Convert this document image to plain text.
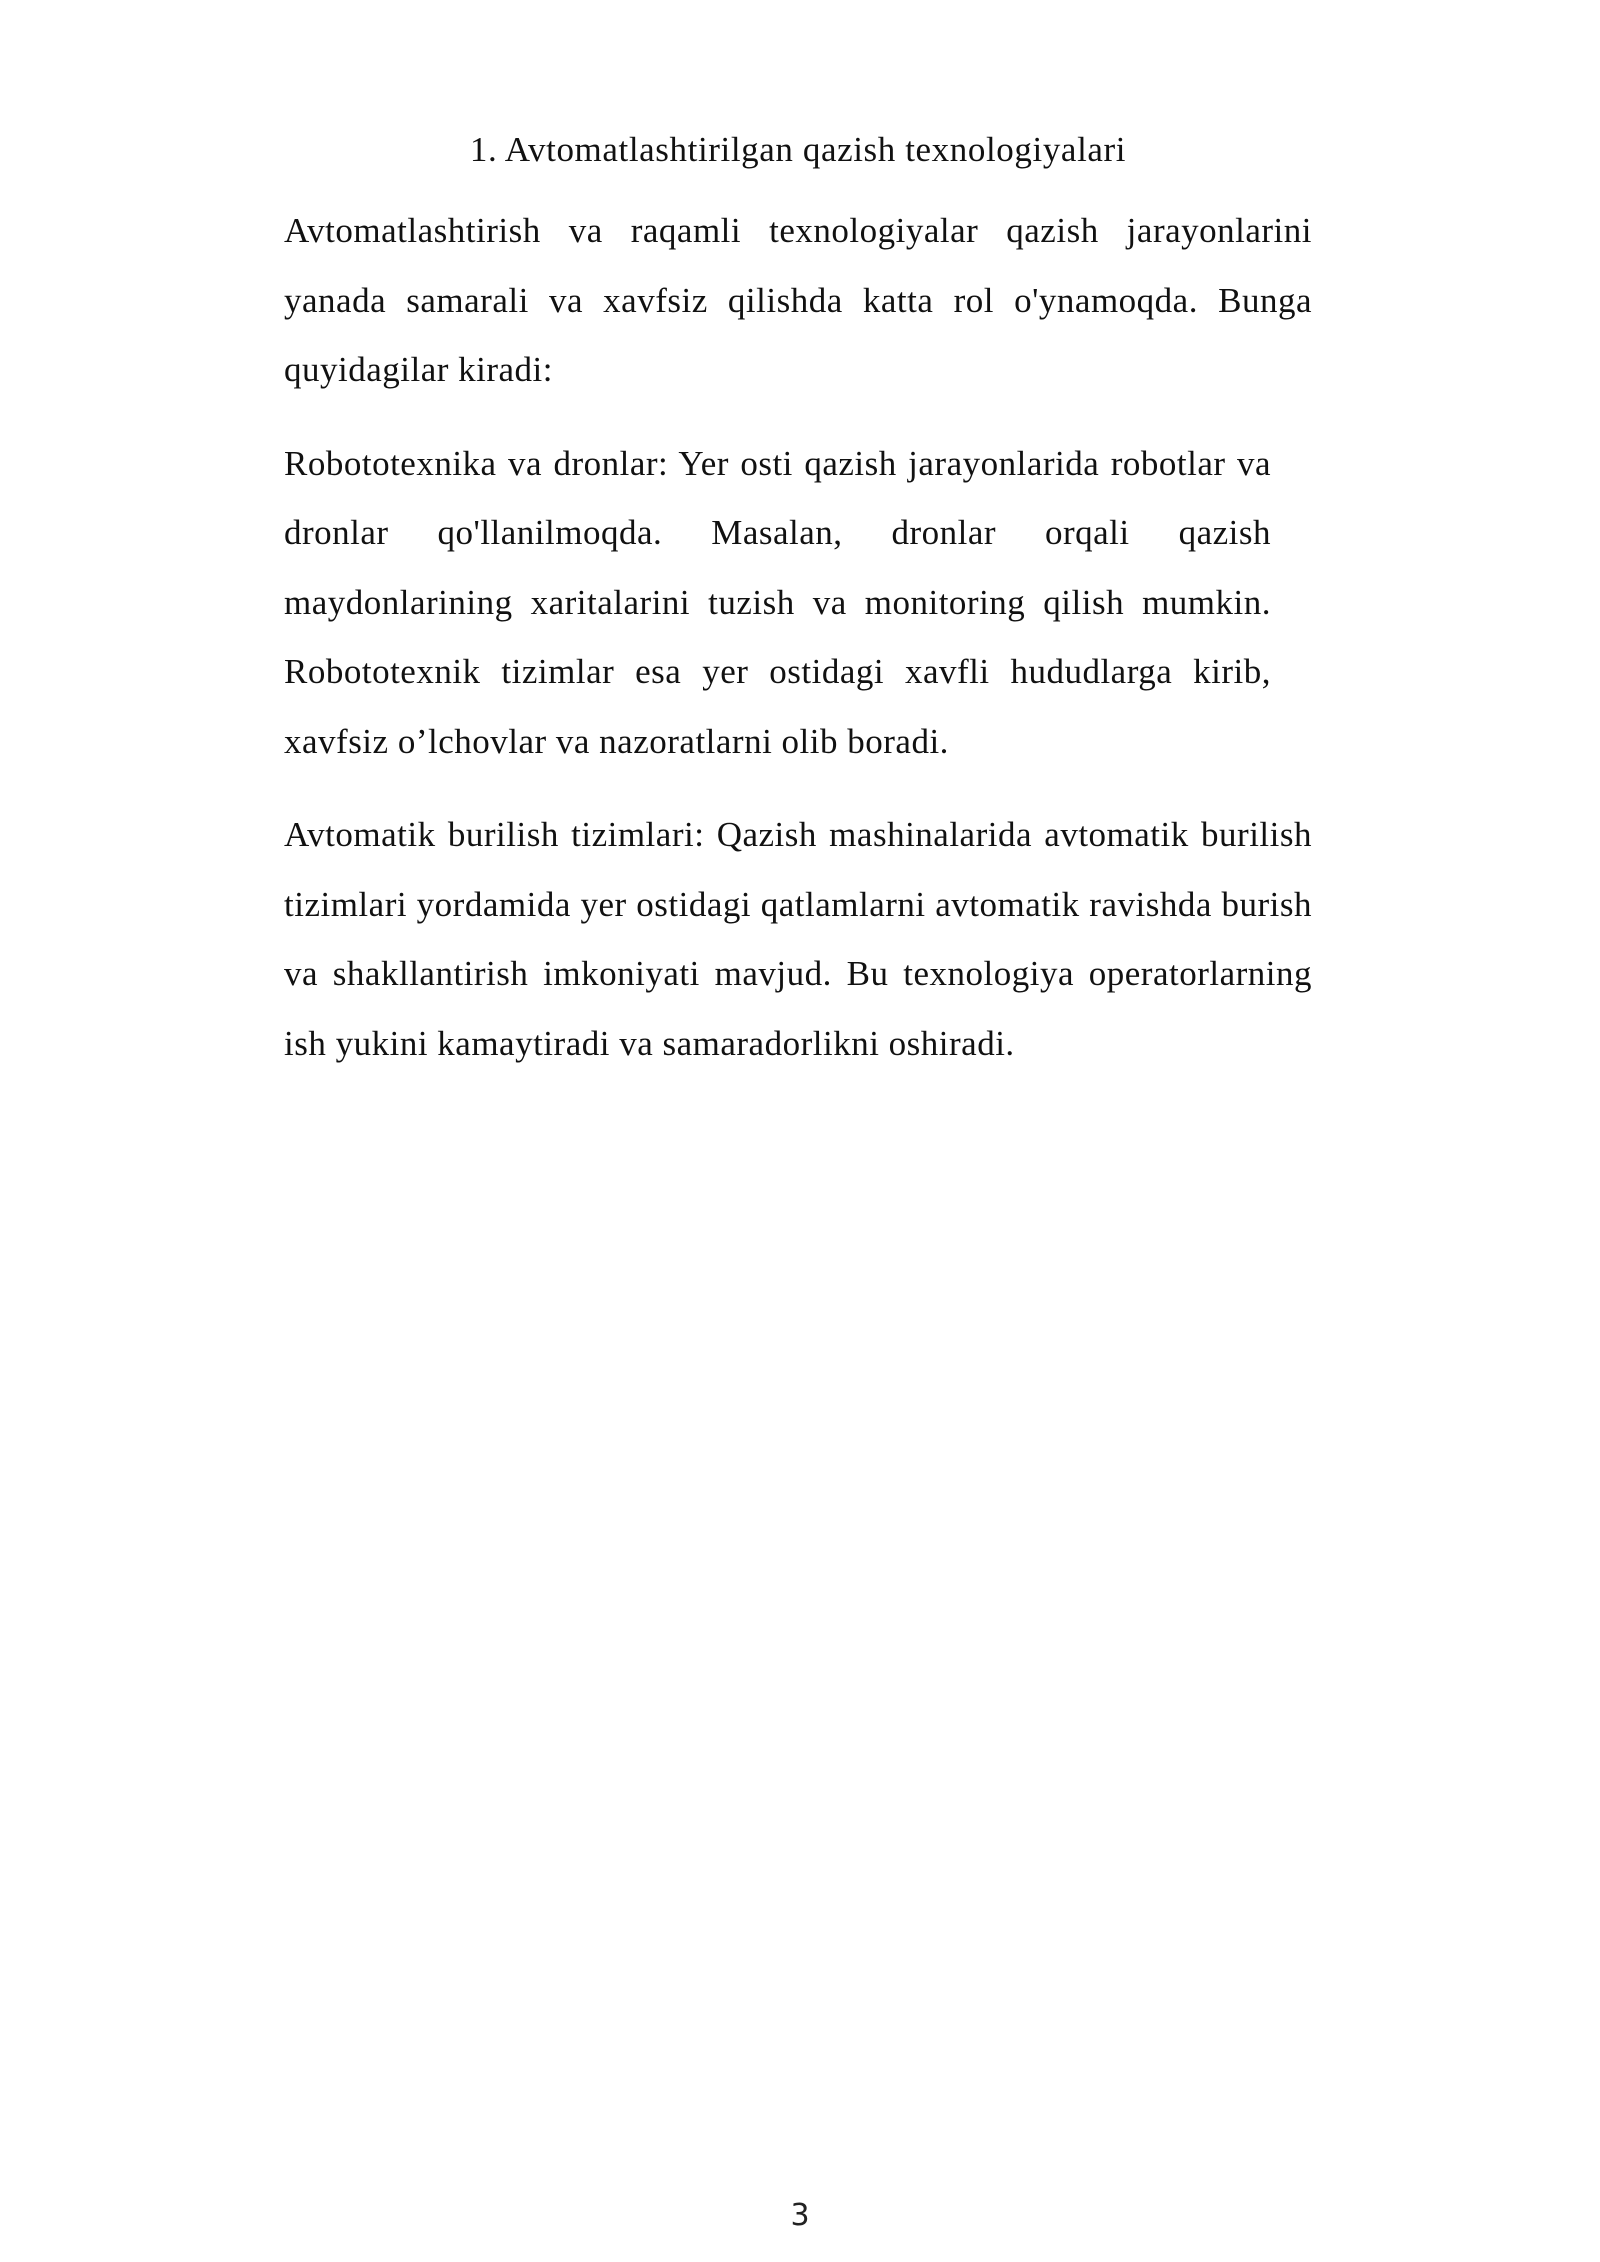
1. Avtomatlashtirilgan qazish texnologiyalari

Avtomatlashtirish va raqamli texnologiyalar qazish jarayonlarini yanada samarali va xavfsiz qilishda katta rol o'ynamoqda. Bunga quyidagilar kiradi:

Robototexnika va dronlar: Yer osti qazish jarayonlarida robotlar va dronlar qo'llanilmoqda. Masalan, dronlar orqali qazish maydonlarining xaritalarini tuzish va monitoring qilish mumkin. Robototexnik tizimlar esa yer ostidagi xavfli hududlarga kirib, xavfsiz o’lchovlar va nazoratlarni olib boradi.

Avtomatik burilish tizimlari: Qazish mashinalarida avtomatik burilish tizimlari yordamida yer ostidagi qatlamlarni avtomatik ravishda burish va shakllantirish imkoniyati mavjud. Bu texnologiya operatorlarning ish yukini kamaytiradi va samaradorlikni oshiradi.

3
